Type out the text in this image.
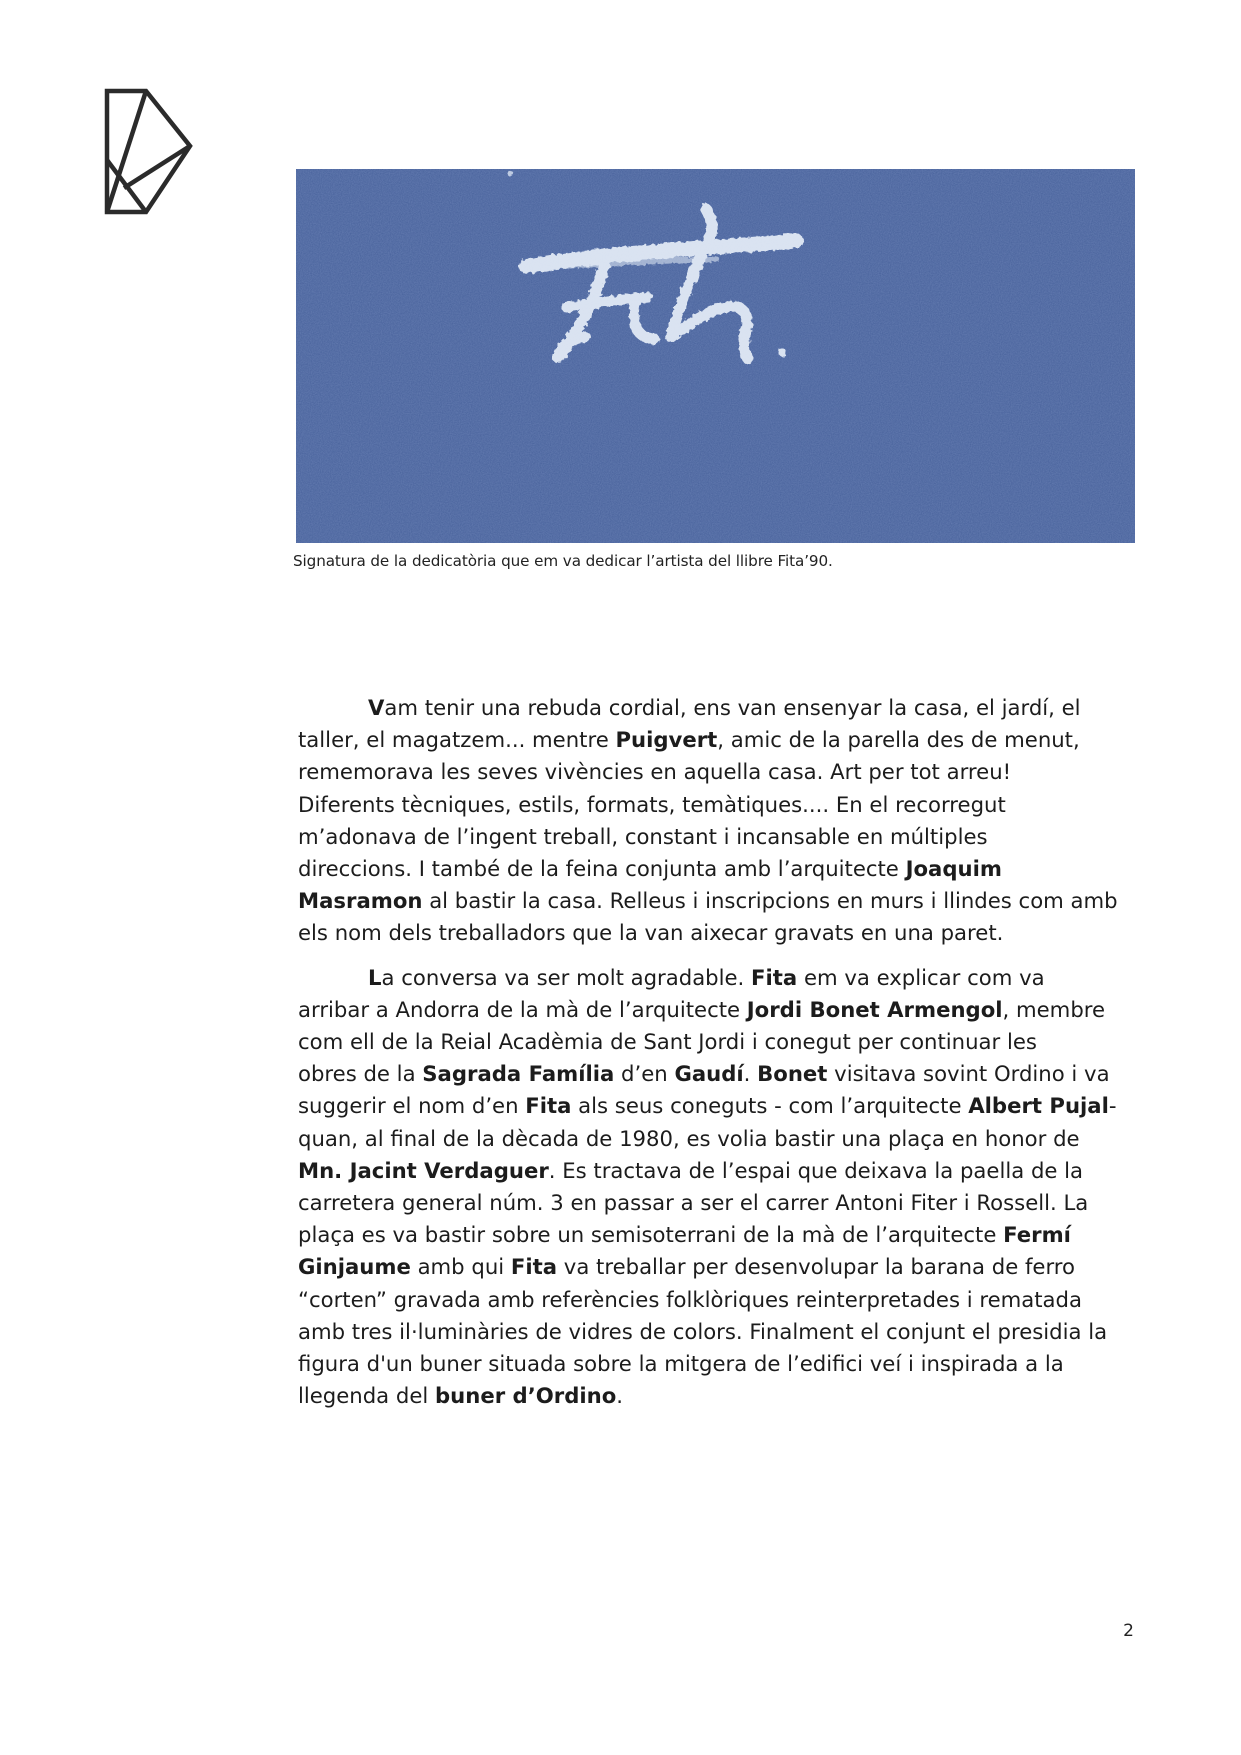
Signatura de la dedicatòria que em va dedicar l’artista del llibre Fita’90.
Vam tenir una rebuda cordial, ens van ensenyar la casa, el jardí, el
taller, el magatzem... mentre Puigvert, amic de la parella des de menut,
rememorava les seves vivències en aquella casa. Art per tot arreu!
Diferents tècniques, estils, formats, temàtiques.... En el recorregut
m’adonava de l’ingent treball, constant i incansable en múltiples
direccions. I també de la feina conjunta amb l’arquitecte Joaquim
Masramon al bastir la casa. Relleus i inscripcions en murs i llindes com amb
els nom dels treballadors que la van aixecar gravats en una paret.
La conversa va ser molt agradable. Fita em va explicar com va
arribar a Andorra de la mà de l’arquitecte Jordi Bonet Armengol, membre
com ell de la Reial Acadèmia de Sant Jordi i conegut per continuar les
obres de la Sagrada Família d’en Gaudí. Bonet visitava sovint Ordino i va
suggerir el nom d’en Fita als seus coneguts - com l’arquitecte Albert Pujal-
quan, al final de la dècada de 1980, es volia bastir una plaça en honor de
Mn. Jacint Verdaguer. Es tractava de l’espai que deixava la paella de la
carretera general núm. 3 en passar a ser el carrer Antoni Fiter i Rossell. La
plaça es va bastir sobre un semisoterrani de la mà de l’arquitecte Fermí
Ginjaume amb qui Fita va treballar per desenvolupar la barana de ferro
“corten” gravada amb referències folklòriques reinterpretades i rematada
amb tres il·luminàries de vidres de colors. Finalment el conjunt el presidia la
figura d'un buner situada sobre la mitgera de l’edifici veí i inspirada a la
llegenda del buner d’Ordino.
2
